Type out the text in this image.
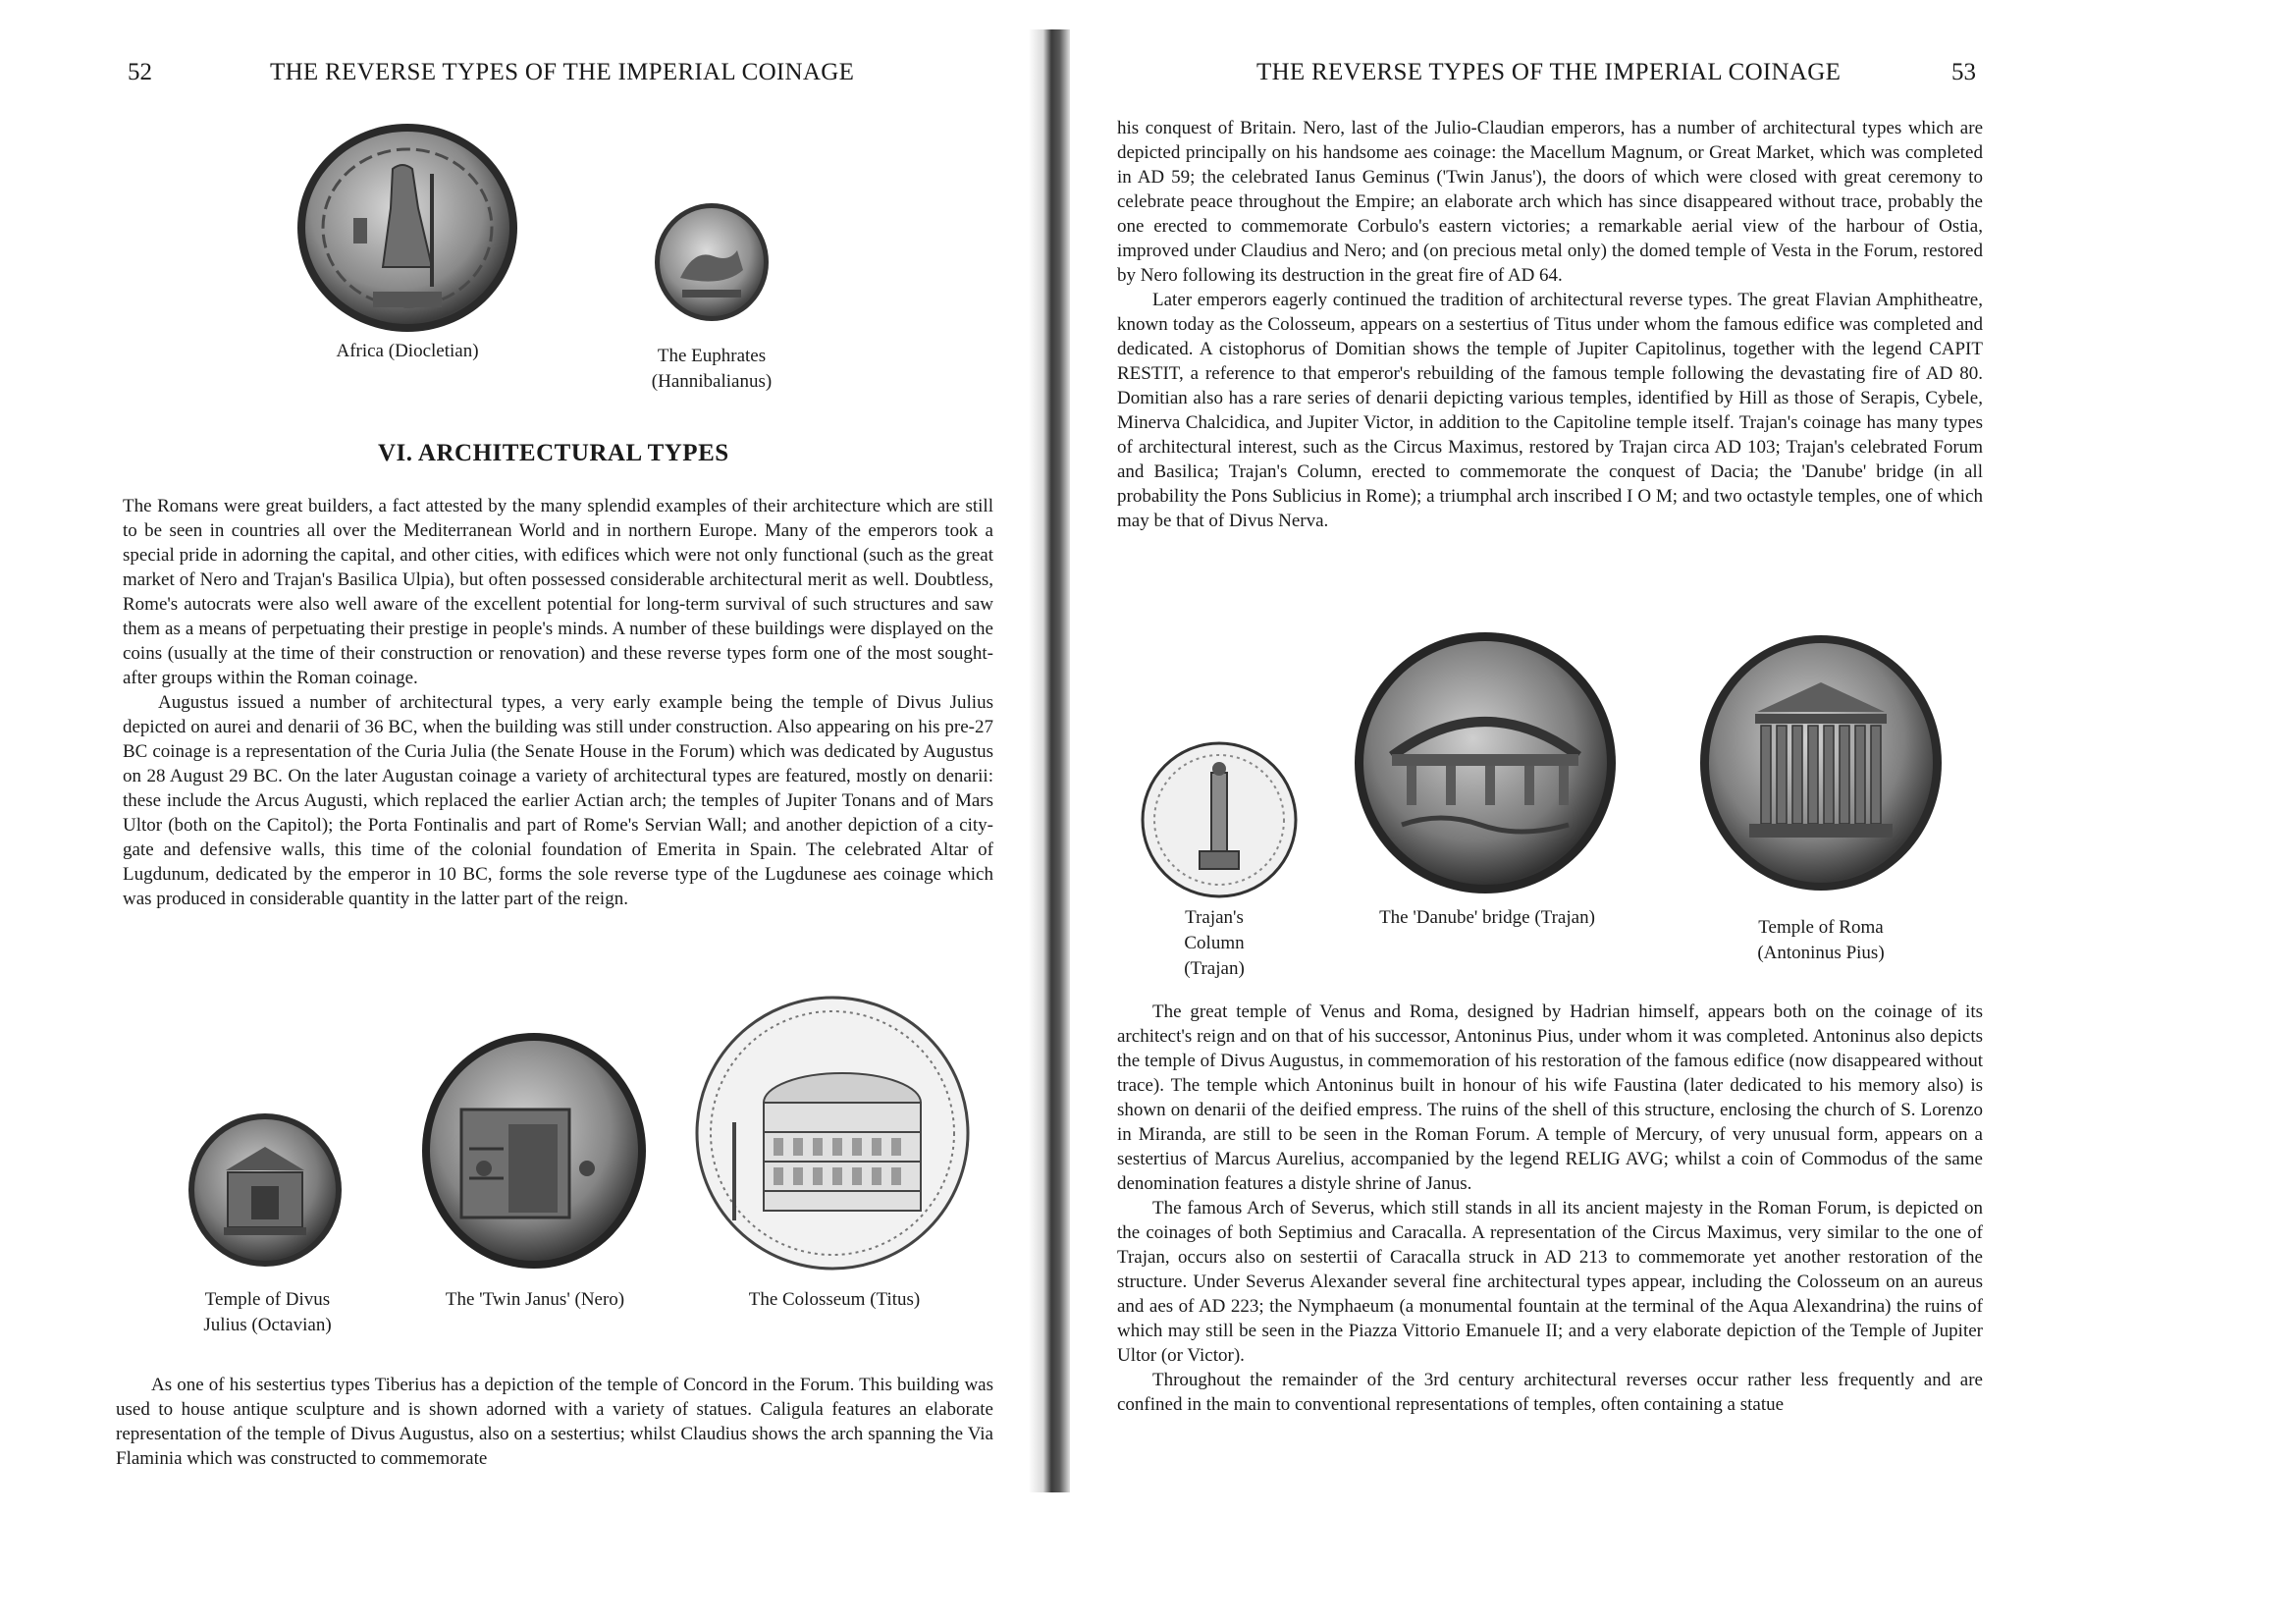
52	THE REVERSE TYPES OF THE IMPERIAL COINAGE
Africa (Diocletian)	The Euphrates
(Hannibalianus)
VI. ARCHITECTURAL TYPES

The Romans were great builders, a fact attested by the many splendid examples of their architecture which are still to be seen in countries all over the Mediterranean World and in northern Europe. Many of the emperors took a special pride in adorning the capital, and other cities, with edifices which were not only functional (such as the great market of Nero and Trajan's Basilica Ulpia), but often possessed considerable architectural merit as well. Doubtless, Rome's autocrats were also well aware of the excellent potential for long-term survival of such structures and saw them as a means of perpetuating their prestige in people's minds. A number of these buildings were displayed on the coins (usually at the time of their construction or renovation) and these reverse types form one of the most sought-after groups within the Roman coinage.

Augustus issued a number of architectural types, a very early example being the temple of Divus Julius depicted on aurei and denarii of 36 BC, when the building was still under construction. Also appearing on his pre-27 BC coinage is a representation of the Curia Julia (the Senate House in the Forum) which was dedicated by Augustus on 28 August 29 BC. On the later Augustan coinage a variety of architectural types are featured, mostly on denarii: these include the Arcus Augusti, which replaced the earlier Actian arch; the temples of Jupiter Tonans and of Mars Ultor (both on the Capitol); the Porta Fontinalis and part of Rome's Servian Wall; and another depiction of a city-gate and defensive walls, this time of the colonial foundation of Emerita in Spain. The celebrated Altar of Lugdunum, dedicated by the emperor in 10 BC, forms the sole reverse type of the Lugdunese aes coinage which was produced in considerable quantity in the latter part of the reign.

Temple of Divus
Julius (Octavian)
The 'Twin Janus' (Nero)	The Colosseum (Titus)

As one of his sestertius types Tiberius has a depiction of the temple of Concord in the Forum. This building was used to house antique sculpture and is shown adorned with a variety of statues. Caligula features an elaborate representation of the temple of Divus Augustus, also on a sestertius; whilst Claudius shows the arch spanning the Via Flaminia which was constructed to commemorate

THE REVERSE TYPES OF THE IMPERIAL COINAGE	53

his conquest of Britain. Nero, last of the Julio-Claudian emperors, has a number of architectural types which are depicted principally on his handsome aes coinage: the Macellum Magnum, or Great Market, which was completed in AD 59; the celebrated Ianus Geminus ('Twin Janus'), the doors of which were closed with great ceremony to celebrate peace throughout the Empire; an elaborate arch which has since disappeared without trace, probably the one erected to commemorate Corbulo's eastern victories; a remarkable aerial view of the harbour of Ostia, improved under Claudius and Nero; and (on precious metal only) the domed temple of Vesta in the Forum, restored by Nero following its destruction in the great fire of AD 64.

Later emperors eagerly continued the tradition of architectural reverse types. The great Flavian Amphitheatre, known today as the Colosseum, appears on a sestertius of Titus under whom the famous edifice was completed and dedicated. A cistophorus of Domitian shows the temple of Jupiter Capitolinus, together with the legend CAPIT RESTIT, a reference to that emperor's rebuilding of the famous temple following the devastating fire of AD 80. Domitian also has a rare series of denarii depicting various temples, identified by Hill as those of Serapis, Cybele, Minerva Chalcidica, and Jupiter Victor, in addition to the Capitoline temple itself. Trajan's coinage has many types of architectural interest, such as the Circus Maximus, restored by Trajan circa AD 103; Trajan's celebrated Forum and Basilica; Trajan's Column, erected to commemorate the conquest of Dacia; the 'Danube' bridge (in all probability the Pons Sublicius in Rome); a triumphal arch inscribed I O M; and two octastyle temples, one of which may be that of Divus Nerva.

Trajan's
Column
(Trajan)
The 'Danube' bridge (Trajan)	Temple of Roma
(Antoninus Pius)

The great temple of Venus and Roma, designed by Hadrian himself, appears both on the coinage of its architect's reign and on that of his successor, Antoninus Pius, under whom it was completed. Antoninus also depicts the temple of Divus Augustus, in commemoration of his restoration of the famous edifice (now disappeared without trace). The temple which Antoninus built in honour of his wife Faustina (later dedicated to his memory also) is shown on denarii of the deified empress. The ruins of the shell of this structure, enclosing the church of S. Lorenzo in Miranda, are still to be seen in the Roman Forum. A temple of Mercury, of very unusual form, appears on a sestertius of Marcus Aurelius, accompanied by the legend RELIG AVG; whilst a coin of Commodus of the same denomination features a distyle shrine of Janus.

The famous Arch of Severus, which still stands in all its ancient majesty in the Roman Forum, is depicted on the coinages of both Septimius and Caracalla. A representation of the Circus Maximus, very similar to the one of Trajan, occurs also on sestertii of Caracalla struck in AD 213 to commemorate yet another restoration of the structure. Under Severus Alexander several fine architectural types appear, including the Colosseum on an aureus and aes of AD 223; the Nymphaeum (a monumental fountain at the terminal of the Aqua Alexandrina) the ruins of which may still be seen in the Piazza Vittorio Emanuele II; and a very elaborate depiction of the Temple of Jupiter Ultor (or Victor).

Throughout the remainder of the 3rd century architectural reverses occur rather less frequently and are confined in the main to conventional representations of temples, often containing a statue
